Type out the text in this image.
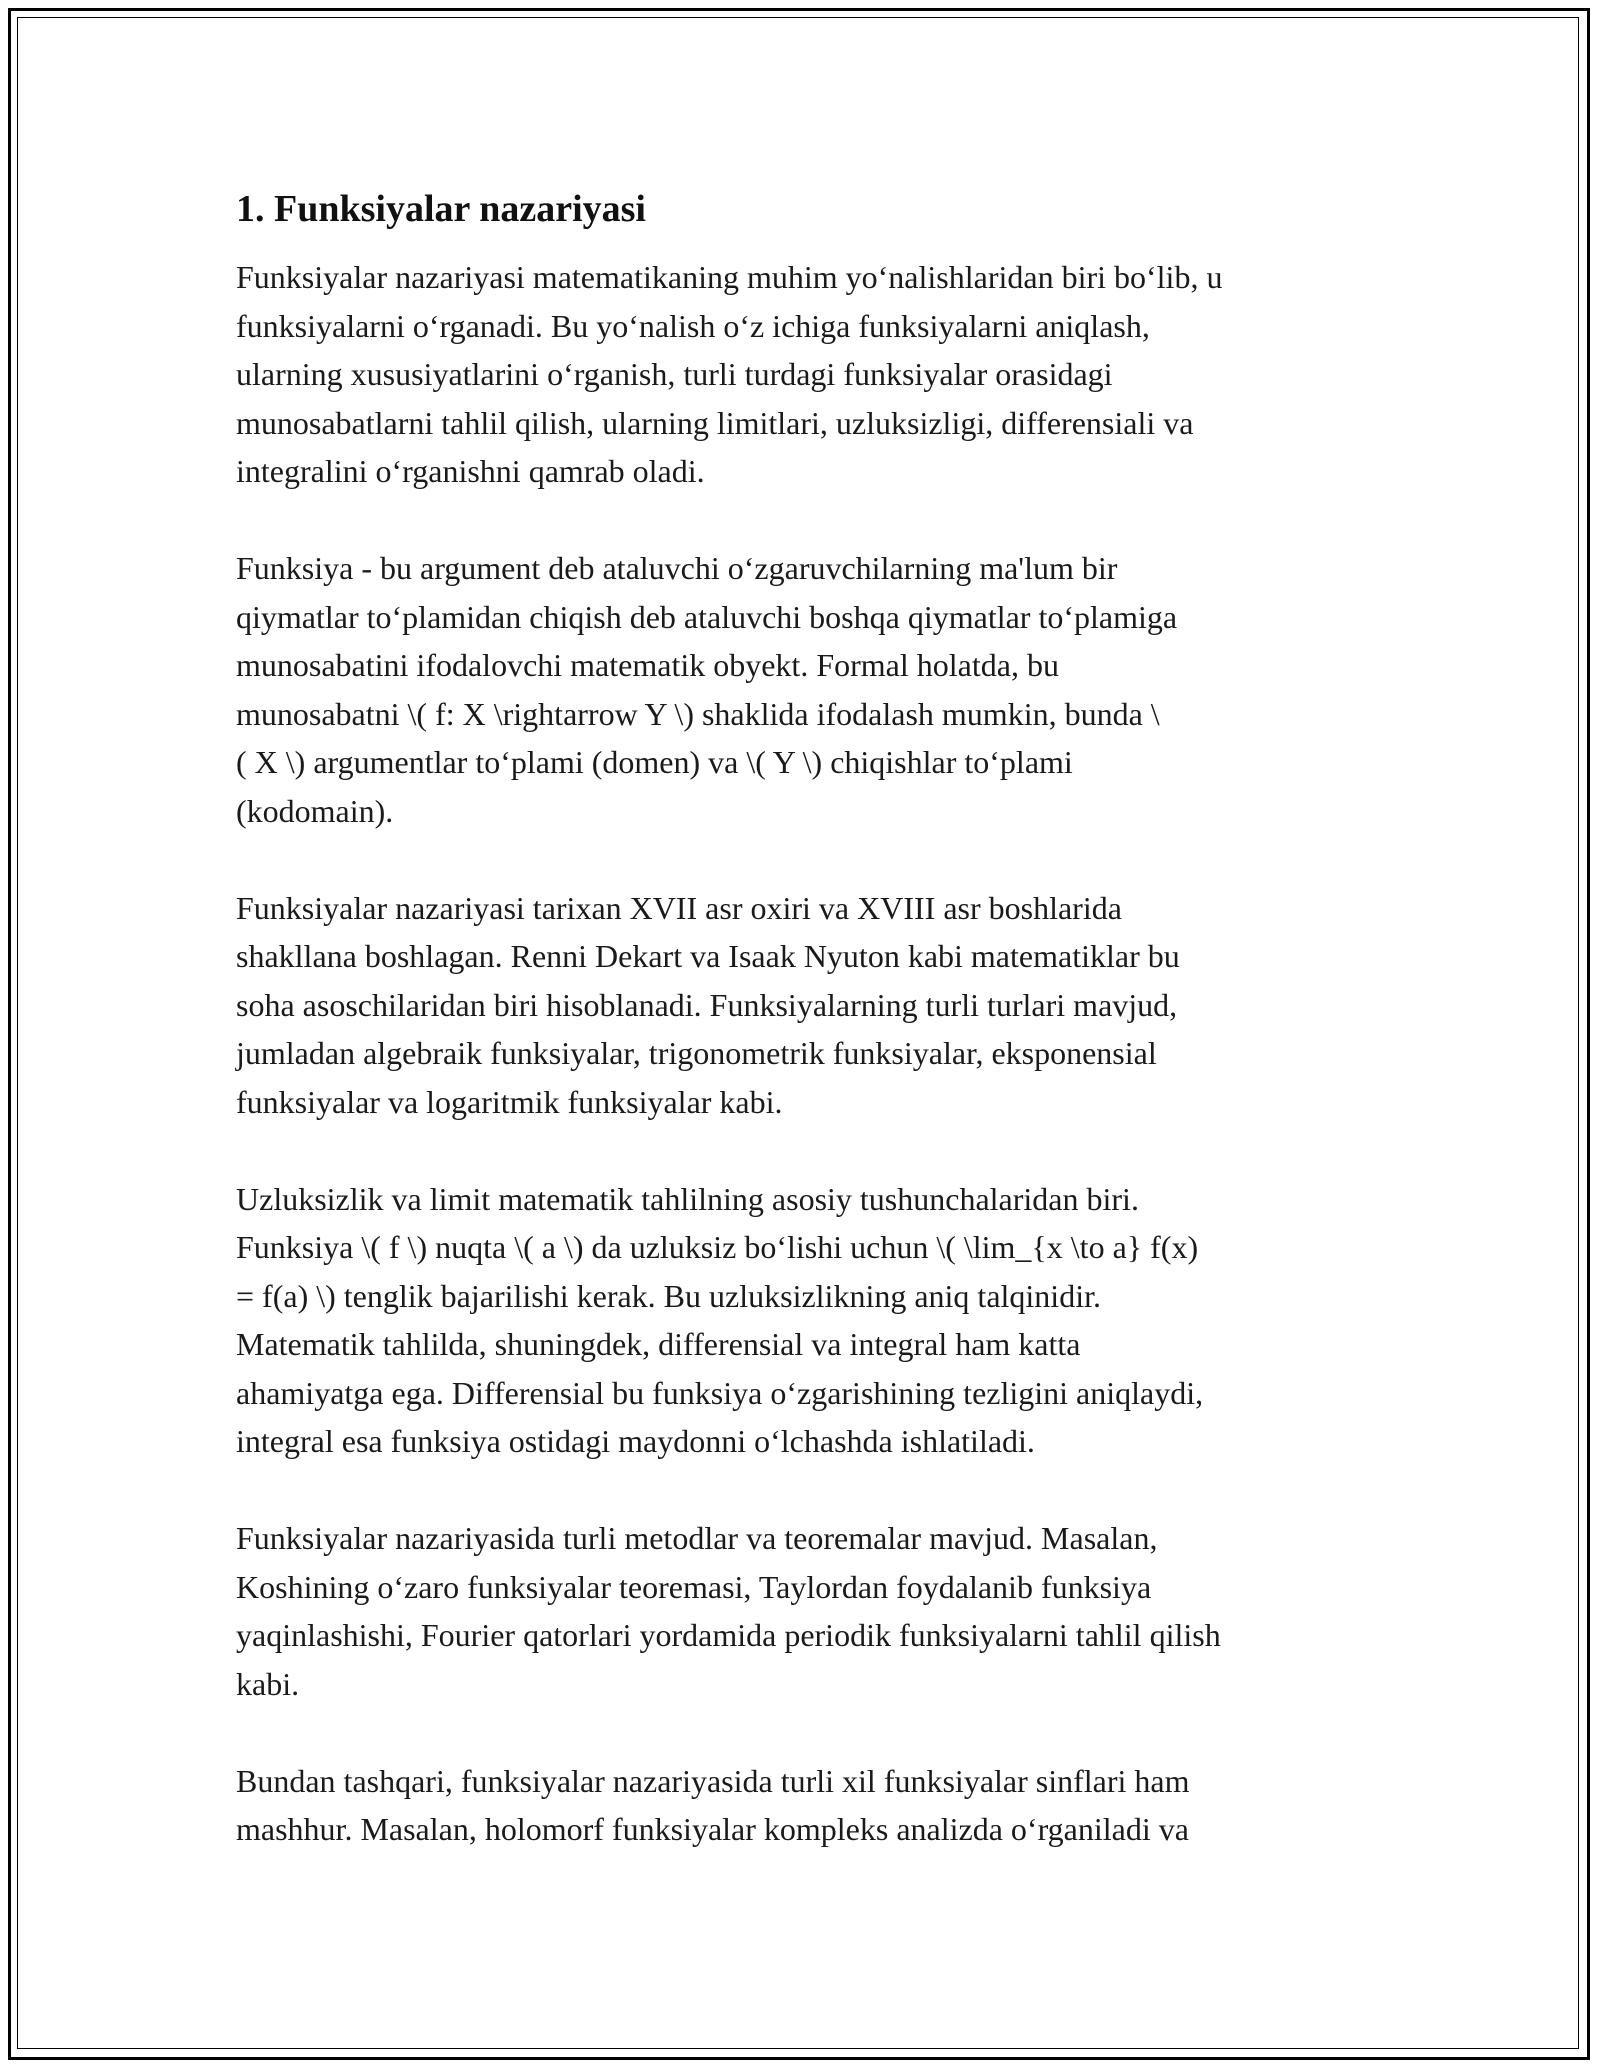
1. Funksiyalar nazariyasi

Funksiyalar nazariyasi matematikaning muhim yo‘nalishlaridan biri bo‘lib, u
funksiyalarni o‘rganadi. Bu yo‘nalish o‘z ichiga funksiyalarni aniqlash,
ularning xususiyatlarini o‘rganish, turli turdagi funksiyalar orasidagi
munosabatlarni tahlil qilish, ularning limitlari, uzluksizligi, differensiali va
integralini o‘rganishni qamrab oladi.

Funksiya - bu argument deb ataluvchi o‘zgaruvchilarning ma'lum bir
qiymatlar to‘plamidan chiqish deb ataluvchi boshqa qiymatlar to‘plamiga
munosabatini ifodalovchi matematik obyekt. Formal holatda, bu
munosabatni \( f: X \rightarrow Y \) shaklida ifodalash mumkin, bunda \
( X \) argumentlar to‘plami (domen) va \( Y \) chiqishlar to‘plami
(kodomain).

Funksiyalar nazariyasi tarixan XVII asr oxiri va XVIII asr boshlarida
shakllana boshlagan. Renni Dekart va Isaak Nyuton kabi matematiklar bu
soha asoschilaridan biri hisoblanadi. Funksiyalarning turli turlari mavjud,
jumladan algebraik funksiyalar, trigonometrik funksiyalar, eksponensial
funksiyalar va logaritmik funksiyalar kabi.

Uzluksizlik va limit matematik tahlilning asosiy tushunchalaridan biri.
Funksiya \( f \) nuqta \( a \) da uzluksiz bo‘lishi uchun \( \lim_{x \to a} f(x)
= f(a) \) tenglik bajarilishi kerak. Bu uzluksizlikning aniq talqinidir.
Matematik tahlilda, shuningdek, differensial va integral ham katta
ahamiyatga ega. Differensial bu funksiya o‘zgarishining tezligini aniqlaydi,
integral esa funksiya ostidagi maydonni o‘lchashda ishlatiladi.

Funksiyalar nazariyasida turli metodlar va teoremalar mavjud. Masalan,
Koshining o‘zaro funksiyalar teoremasi, Taylordan foydalanib funksiya
yaqinlashishi, Fourier qatorlari yordamida periodik funksiyalarni tahlil qilish
kabi.

Bundan tashqari, funksiyalar nazariyasida turli xil funksiyalar sinflari ham
mashhur. Masalan, holomorf funksiyalar kompleks analizda o‘rganiladi va
